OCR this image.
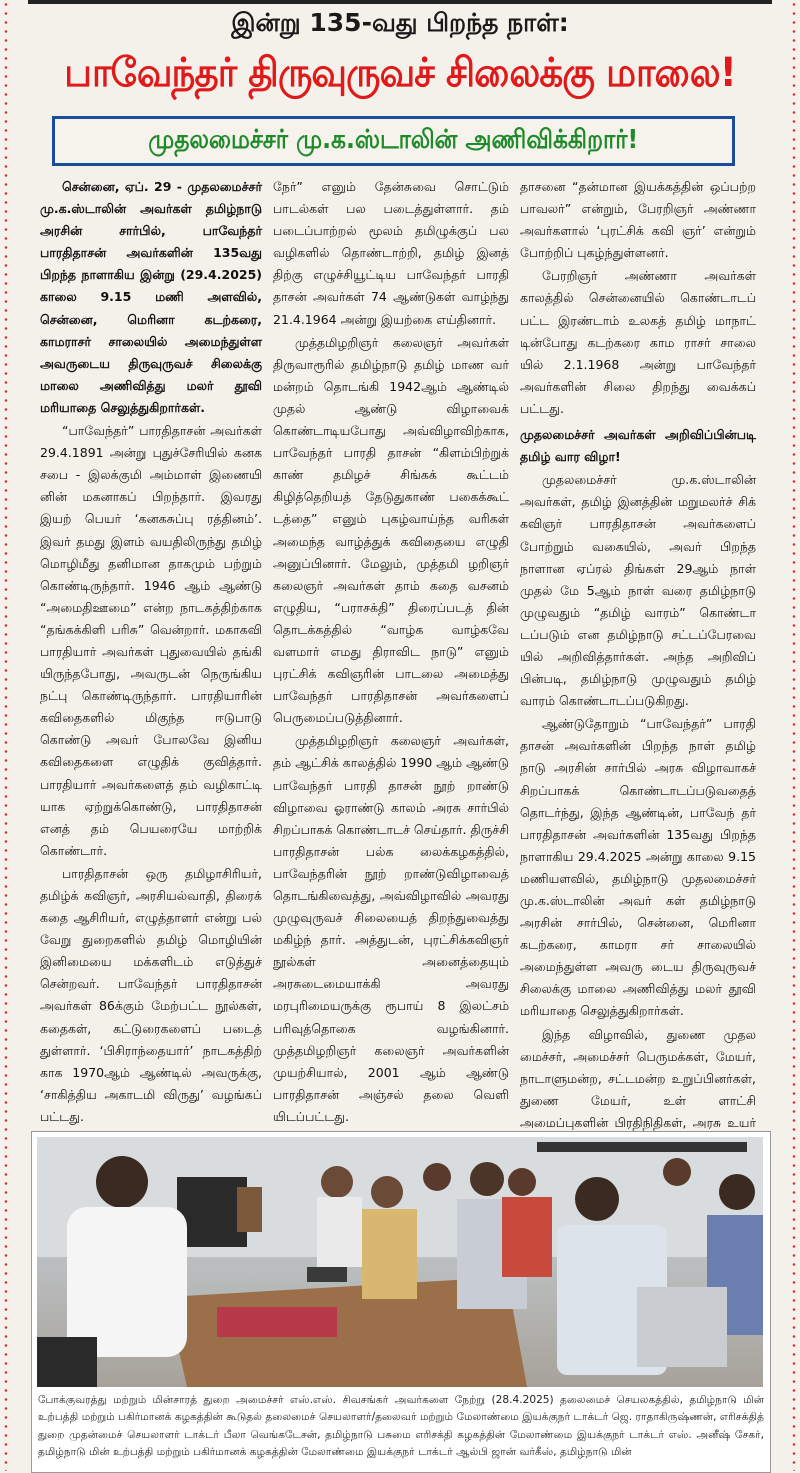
இன்று 135-வது பிறந்த நாள்:
பாவேந்தர் திருவுருவச் சிலைக்கு மாலை!
முதலமைச்சர் மு.க.ஸ்டாலின் அணிவிக்கிறார்!

சென்னை, ஏப். 29 - முதலமைச்சர் மு.க.ஸ்டாலின் அவர்கள் தமிழ்நாடு அரசின் சார்பில், பாவேந்தர் பாரதிதாசன் அவர்களின் 135வது பிறந்த நாளாகிய இன்று (29.4.2025) காலை 9.15 மணி அளவில், சென்னை, மெரினா கடற்கரை, காமராசர் சாலையில் அமைந்துள்ள அவருடைய திருவுருவச் சிலைக்கு மாலை அணிவித்து மலர் தூவி மரியாதை செலுத்துகிறார்கள்.

“பாவேந்தர்” பாரதிதாசன் அவர்கள் 29.4.1891 அன்று புதுச்சேரியில் கனக சபை - இலக்குமி அம்மாள் இணையி னின் மகனாகப் பிறந்தார். இவரது இயற் பெயர் ‘கனகசுப்பு ரத்தினம்’. இவர் தமது இளம் வயதிலிருந்து தமிழ் மொழிமீது தனிமான தாகமும் பற்றும் கொண்டிருந்தார். 1946 ஆம் ஆண்டு “அமைதிஊமை” என்ற நாடகத்திற்காக “தங்கக்கிளி பரிசு” வென்றார். மகாகவி பாரதியார் அவர்கள் புதுவையில் தங்கி யிருந்தபோது, அவருடன் நெருங்கிய நட்பு கொண்டிருந்தார். பாரதியாரின் கவிதைகளில் மிகுந்த ஈடுபாடு கொண்டு அவர் போலவே இனிய கவிதைகளை எழுதிக் குவித்தார். பாரதியார் அவர்களைத் தம் வழிகாட்டி யாக ஏற்றுக்கொண்டு, பாரதிதாசன் எனத் தம் பெயரையே மாற்றிக் கொண்டார்.

பாரதிதாசன் ஒரு தமிழாசிரியர், தமிழ்க் கவிஞர், அரசியல்வாதி, திரைக் கதை ஆசிரியர், எழுத்தாளர் என்று பல் வேறு துறைகளில் தமிழ் மொழியின் இனிமையை மக்களிடம் எடுத்துச் சென்றவர். பாவேந்தர் பாரதிதாசன் அவர்கள் 86க்கும் மேற்பட்ட நூல்கள், கதைகள், கட்டுரைகளைப் படைத் துள்ளார். ‘பிசிராந்தையார்’ நாடகத்திற் காக 1970ஆம் ஆண்டில் அவருக்கு, ‘சாகித்திய அகாடமி விருது’ வழங்கப் பட்டது.

நேர்” எனும் தேன்சுவை சொட்டும் பாடல்கள் பல படைத்துள்ளார். தம் படைப்பாற்றல் மூலம் தமிழுக்குப் பல வழிகளில் தொண்டாற்றி, தமிழ் இனத் திற்கு எழுச்சியூட்டிய பாவேந்தர் பாரதி தாசன் அவர்கள் 74 ஆண்டுகள் வாழ்ந்து 21.4.1964 அன்று இயற்கை எய்தினார்.

முத்தமிழறிஞர் கலைஞர் அவர்கள் திருவாரூரில் தமிழ்நாடு தமிழ் மாண வர் மன்றம் தொடங்கி 1942ஆம் ஆண்டில் முதல் ஆண்டு விழாவைக் கொண்டாடியபோது அவ்விழாவிற்காக, பாவேந்தர் பாரதி தாசன் “கிளம்பிற்றுக் காண் தமிழச் சிங்கக் கூட்டம் கிழித்தெறியத் தேடுதுகாண் பகைக்கூட் டத்தை” எனும் புகழ்வாய்ந்த வரிகள் அமைந்த வாழ்த்துக் கவிதையை எழுதி அனுப்பினார். மேலும், முத்தமி ழறிஞர் கலைஞர் அவர்கள் தாம் கதை வசனம் எழுதிய, “பராசக்தி” திரைப்படத் தின் தொடக்கத்தில் “வாழ்க வாழ்கவே வளமார் எமது திராவிட நாடு” எனும் புரட்சிக் கவிஞரின் பாடலை அமைத்து பாவேந்தர் பாரதிதாசன் அவர்களைப் பெருமைப்படுத்தினார்.

முத்தமிழறிஞர் கலைஞர் அவர்கள், தம் ஆட்சிக் காலத்தில் 1990 ஆம் ஆண்டு பாவேந்தர் பாரதி தாசன் நூற் றாண்டு விழாவை ஓராண்டு காலம் அரசு சார்பில் சிறப்பாகக் கொண்டாடச் செய்தார். திருச்சி பாரதிதாசன் பல்க லைக்கழகத்தில், பாவேந்தரின் நூற் றாண்டுவிழாவைத் தொடங்கிவைத்து, அவ்விழாவில் அவரது முழுவுருவச் சிலையைத் திறந்துவைத்து மகிழ்ந் தார். அத்துடன், புரட்சிக்கவிஞர் நூல்கள் அனைத்தையும் அரசுடைமையாக்கி அவரது மரபுரிமையருக்கு ரூபாய் 8 இலட்சம் பரிவுத்தொகை வழங்கினார். முத்தமிழறிஞர் கலைஞர் அவர்களின் முயற்சியால், 2001 ஆம் ஆண்டு பாரதிதாசன் அஞ்சல் தலை வெளி யிடப்பட்டது.

தாசனை “தன்மான இயக்கத்தின் ஒப்பற்ற பாவலர்” என்றும், பேரறிஞர் அண்ணா அவர்களால் ‘புரட்சிக் கவி ஞர்’ என்றும் போற்றிப் புகழ்ந்துள்ளனர்.

பேரறிஞர் அண்ணா அவர்கள் காலத்தில் சென்னையில் கொண்டாடப் பட்ட இரண்டாம் உலகத் தமிழ் மாநாட் டின்போது கடற்கரை காம ராசர் சாலை யில் 2.1.1968 அன்று பாவேந்தர் அவர்களின் சிலை திறந்து வைக்கப் பட்டது.

முதலமைச்சர் அவர்கள் அறிவிப்பின்படி தமிழ் வார விழா!

முதலமைச்சர் மு.க.ஸ்டாலின் அவர்கள், தமிழ் இனத்தின் மறுமலர்ச் சிக் கவிஞர் பாரதிதாசன் அவர்களைப் போற்றும் வகையில், அவர் பிறந்த நாளான ஏப்ரல் திங்கள் 29ஆம் நாள் முதல் மே 5ஆம் நாள் வரை தமிழ்நாடு முழுவதும் “தமிழ் வாரம்” கொண்டா டப்படும் என தமிழ்நாடு சட்டப்பேரவை யில் அறிவித்தார்கள். அந்த அறிவிப் பின்படி, தமிழ்நாடு முழுவதும் தமிழ் வாரம் கொண்டாடப்படுகிறது.

ஆண்டுதோறும் “பாவேந்தர்” பாரதி தாசன் அவர்களின் பிறந்த நாள் தமிழ் நாடு அரசின் சார்பில் அரசு விழாவாகச் சிறப்பாகக் கொண்டாடப்படுவதைத் தொடர்ந்து, இந்த ஆண்டின், பாவேந் தர் பாரதிதாசன் அவர்களின் 135வது பிறந்த நாளாகிய 29.4.2025 அன்று காலை 9.15 மணியளவில், தமிழ்நாடு முதலமைச்சர் மு.க.ஸ்டாலின் அவர் கள் தமிழ்நாடு அரசின் சார்பில், சென்னை, மெரினா கடற்கரை, காமரா சர் சாலையில் அமைந்துள்ள அவரு டைய திருவுருவச் சிலைக்கு மாலை அணிவித்து மலர் தூவி மரியாதை செலுத்துகிறார்கள்.

இந்த விழாவில், துணை முதல மைச்சர், அமைச்சர் பெருமக்கள், மேயர், நாடாளுமன்ற, சட்டமன்ற உறுப்பினர்கள், துணை மேயர், உள் ளாட்சி அமைப்புகளின் பிரதிநிதிகள், அரசு உயர்

போக்குவரத்து மற்றும் மின்சாரத் துறை அமைச்சர் எஸ்.எஸ். சிவசங்கர் அவர்களை நேற்று (28.4.2025) தலைமைச் செயலகத்தில், தமிழ்நாடு மின் உற்பத்தி மற்றும் பகிர்மானக் கழகத்தின் கூடுதல் தலைமைச் செயலாளர்/தலைவர் மற்றும் மேலாண்மை இயக்குநர் டாக்டர் ஜெ. ராதாகிருஷ்ணன், எரிசக்தித் துறை முதன்மைச் செயலாளர் டாக்டர் பீலா வெங்கடேசன், தமிழ்நாடு பசுமை எரிசக்தி கழகத்தின் மேலாண்மை இயக்குநர் டாக்டர் எஸ். அனீஷ் சேகர், தமிழ்நாடு மின் உற்பத்தி மற்றும் பகிர்மானக் கழகத்தின் மேலாண்மை இயக்குநர் டாக்டர் ஆல்பி ஜான் வர்கீஸ், தமிழ்நாடு மின்
